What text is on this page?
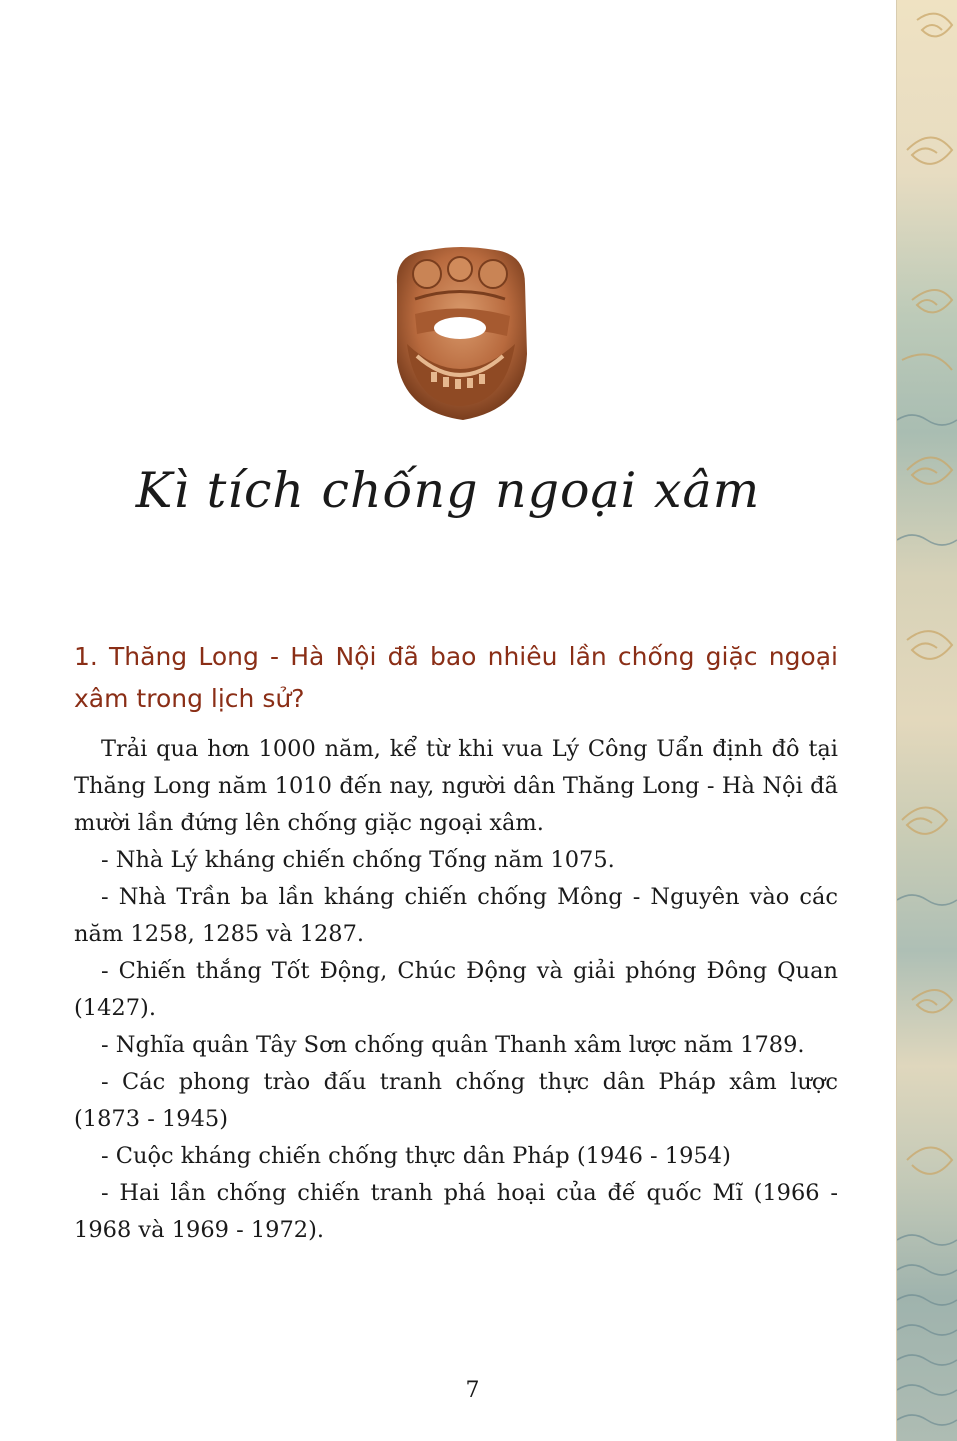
Kì tích chống ngoại xâm
1. Thăng Long - Hà Nội đã bao nhiêu lần chống giặc ngoại xâm trong lịch sử?

Trải qua hơn 1000 năm, kể từ khi vua Lý Công Uẩn định đô tại Thăng Long năm 1010 đến nay, người dân Thăng Long - Hà Nội đã mười lần đứng lên chống giặc ngoại xâm.

- Nhà Lý kháng chiến chống Tống năm 1075.

- Nhà Trần ba lần kháng chiến chống Mông - Nguyên vào các năm 1258, 1285 và 1287.

- Chiến thắng Tốt Động, Chúc Động và giải phóng Đông Quan (1427).

- Nghĩa quân Tây Sơn chống quân Thanh xâm lược năm 1789.

- Các phong trào đấu tranh chống thực dân Pháp xâm lược (1873 - 1945)

- Cuộc kháng chiến chống thực dân Pháp (1946 - 1954)

- Hai lần chống chiến tranh phá hoại của đế quốc Mĩ (1966 - 1968 và 1969 - 1972).

7
